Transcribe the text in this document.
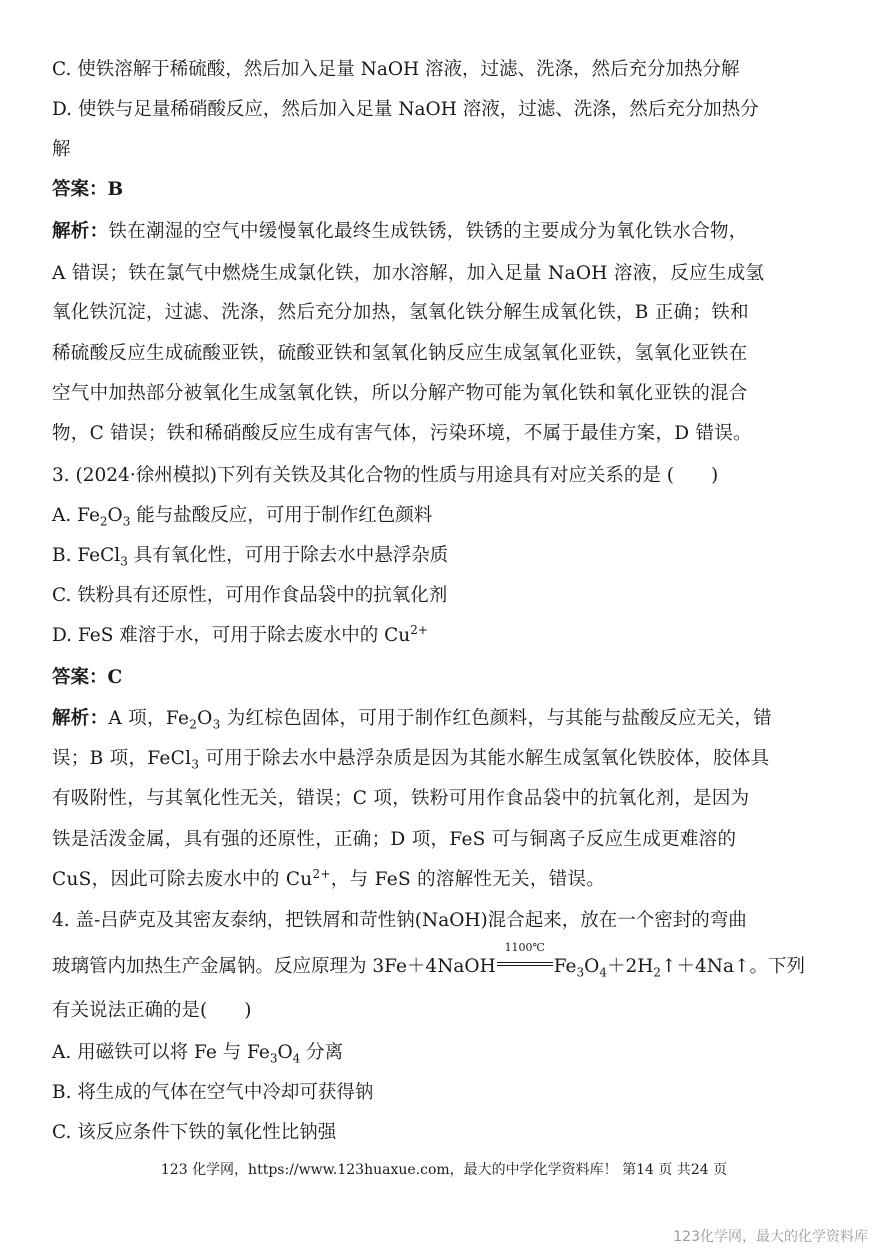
C. 使铁溶解于稀硫酸，然后加入足量 NaOH 溶液，过滤、洗涤，然后充分加热分解
D. 使铁与足量稀硝酸反应，然后加入足量 NaOH 溶液，过滤、洗涤，然后充分加热分
解
答案：B
解析：铁在潮湿的空气中缓慢氧化最终生成铁锈，铁锈的主要成分为氧化铁水合物，
A 错误；铁在氯气中燃烧生成氯化铁，加水溶解，加入足量 NaOH 溶液，反应生成氢
氧化铁沉淀，过滤、洗涤，然后充分加热，氢氧化铁分解生成氧化铁，B 正确；铁和
稀硫酸反应生成硫酸亚铁，硫酸亚铁和氢氧化钠反应生成氢氧化亚铁，氢氧化亚铁在
空气中加热部分被氧化生成氢氧化铁，所以分解产物可能为氧化铁和氧化亚铁的混合
物，C 错误；铁和稀硝酸反应生成有害气体，污染环境，不属于最佳方案，D 错误。
3. (2024·徐州模拟)下列有关铁及其化合物的性质与用途具有对应关系的是 (　　)
A. $Fe_2O_3$ 能与盐酸反应，可用于制作红色颜料
B. FeCl$_3$ 具有氧化性，可用于除去水中悬浮杂质
C. 铁粉具有还原性，可用作食品袋中的抗氧化剂
D. FeS 难溶于水，可用于除去废水中的 $Cu^{2+}$
答案：C
解析：A 项，$Fe_2O_3$ 为红棕色固体，可用于制作红色颜料，与其能与盐酸反应无关，错
误；B 项，FeCl$_3$ 可用于除去水中悬浮杂质是因为其能水解生成氢氧化铁胶体，胶体具
有吸附性，与其氧化性无关，错误；C 项，铁粉可用作食品袋中的抗氧化剂，是因为
铁是活泼金属，具有强的还原性，正确；D 项，FeS 可与铜离子反应生成更难溶的
CuS，因此可除去废水中的 $Cu^{2+}$，与 FeS 的溶解性无关，错误。
4. 盖-吕萨克及其密友泰纳，把铁屑和苛性钠(NaOH)混合起来，放在一个密封的弯曲
玻璃管内加热生产金属钠。反应原理为 3Fe＋4NaOH
1100℃
$Fe_3O_4+2H_2↑+4Na↑$。下列
有关说法正确的是(　　)
A. 用磁铁可以将 Fe 与 $Fe_3O_4$ 分离
B. 将生成的气体在空气中冷却可获得钠
C. 该反应条件下铁的氧化性比钠强
123 化学网，https://www.123huaxue.com，最大的中学化学资料库！ 第14 页 共24 页
123化学网，最大的化学资料库
